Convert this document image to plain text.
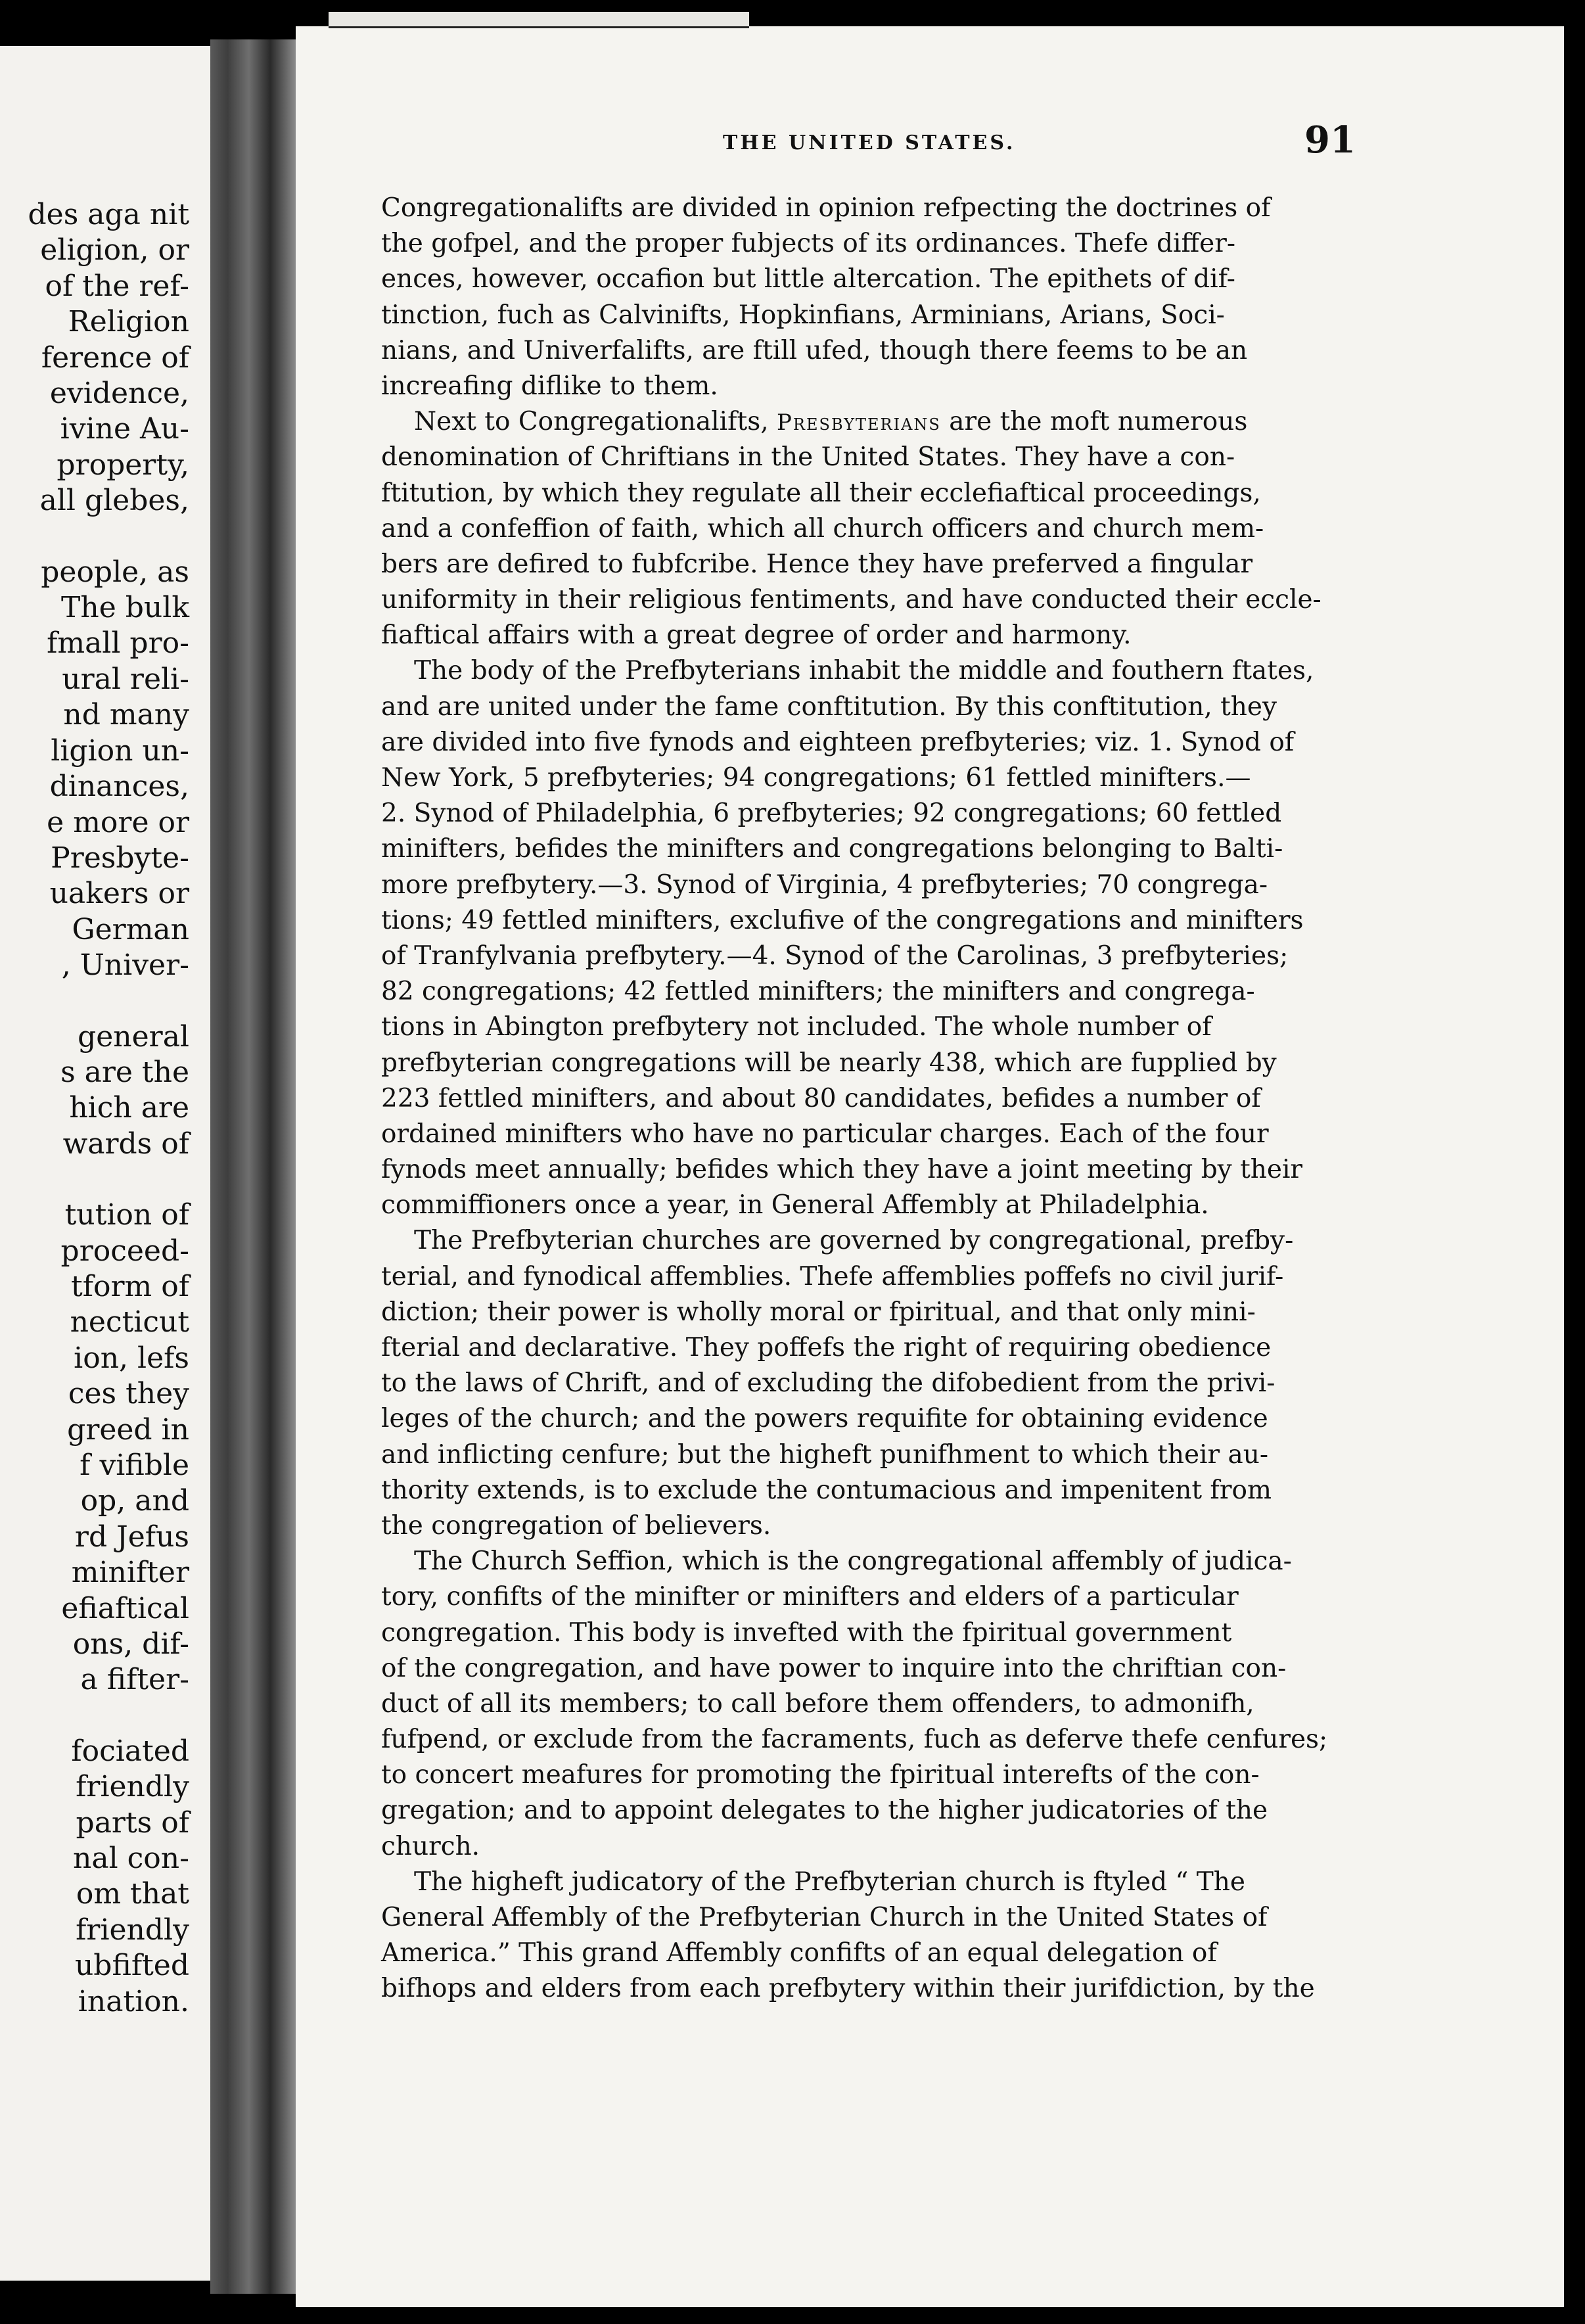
des aga nit
eligion, or
of the ref-
Religion
ference of
evidence,
ivine Au-
property,
all glebes,

people, as
The bulk
fmall pro-
ural reli-
nd many
ligion un-
dinances,
e more or
Presbyte-
uakers or
German
, Univer-

general
s are the
hich are
wards of

tution of
proceed-
tform of
necticut
ion, lefs
ces they
greed in
f vifible
op, and
rd Jefus
minifter
efiaftical
ons, dif-
a fifter-

fociated
friendly
parts of
nal con-
om that
friendly
ubfifted
ination.
THE UNITED STATES.	91
Congregationalifts are divided in opinion refpecting the doctrines of
the gofpel, and the proper fubjects of its ordinances. Thefe differ-
ences, however, occafion but little altercation. The epithets of dif-
tinction, fuch as Calvinifts, Hopkinfians, Arminians, Arians, Soci-
nians, and Univerfalifts, are ftill ufed, though there feems to be an
increafing diflike to them.
Next to Congregationalifts, Presbyterians are the moft numerous
denomination of Chriftians in the United States. They have a con-
ftitution, by which they regulate all their ecclefiaftical proceedings,
and a confeffion of faith, which all church officers and church mem-
bers are defired to fubfcribe. Hence they have preferved a fingular
uniformity in their religious fentiments, and have conducted their eccle-
fiaftical affairs with a great degree of order and harmony.
The body of the Prefbyterians inhabit the middle and fouthern ftates,
and are united under the fame conftitution. By this conftitution, they
are divided into five fynods and eighteen prefbyteries; viz. 1. Synod of
New York, 5 prefbyteries; 94 congregations; 61 fettled minifters.—
2. Synod of Philadelphia, 6 prefbyteries; 92 congregations; 60 fettled
minifters, befides the minifters and congregations belonging to Balti-
more prefbytery.—3. Synod of Virginia, 4 prefbyteries; 70 congrega-
tions; 49 fettled minifters, exclufive of the congregations and minifters
of Tranfylvania prefbytery.—4. Synod of the Carolinas, 3 prefbyteries;
82 congregations; 42 fettled minifters; the minifters and congrega-
tions in Abington prefbytery not included. The whole number of
prefbyterian congregations will be nearly 438, which are fupplied by
223 fettled minifters, and about 80 candidates, befides a number of
ordained minifters who have no particular charges. Each of the four
fynods meet annually; befides which they have a joint meeting by their
commiffioners once a year, in General Affembly at Philadelphia.
The Prefbyterian churches are governed by congregational, prefby-
terial, and fynodical affemblies. Thefe affemblies poffefs no civil jurif-
diction; their power is wholly moral or fpiritual, and that only mini-
fterial and declarative. They poffefs the right of requiring obedience
to the laws of Chrift, and of excluding the difobedient from the privi-
leges of the church; and the powers requifite for obtaining evidence
and inflicting cenfure; but the higheft punifhment to which their au-
thority extends, is to exclude the contumacious and impenitent from
the congregation of believers.
The Church Seffion, which is the congregational affembly of judica-
tory, confifts of the minifter or minifters and elders of a particular
congregation. This body is invefted with the fpiritual government
of the congregation, and have power to inquire into the chriftian con-
duct of all its members; to call before them offenders, to admonifh,
fufpend, or exclude from the facraments, fuch as deferve thefe cenfures;
to concert meafures for promoting the fpiritual interefts of the con-
gregation; and to appoint delegates to the higher judicatories of the
church.
The higheft judicatory of the Prefbyterian church is ftyled “ The
General Affembly of the Prefbyterian Church in the United States of
America.” This grand Affembly confifts of an equal delegation of
bifhops and elders from each prefbytery within their jurifdiction, by the
